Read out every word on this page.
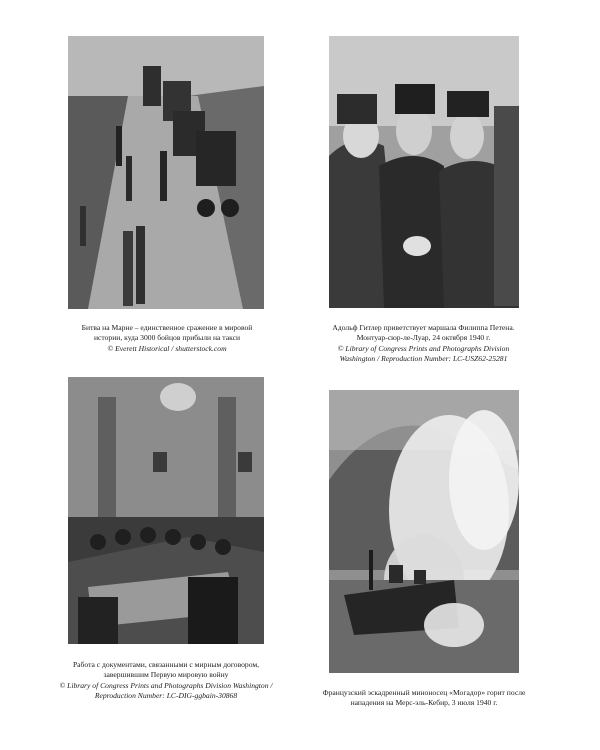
Битва на Марне – единственное сражение в мировой истории, куда 3000 бойцов прибыли на такси
© Everett Historical / shutterstock.com
Адольф Гитлер приветствует маршала Филиппа Петена. Монтуар-сюр-ле-Луар, 24 октября 1940 г.
© Library of Congress Prints and Photographs Division Washington / Reproduction Number: LC-USZ62-25281
Работа с документами, связанными с мирным договором, завершившим Первую мировую войну
© Library of Congress Prints and Photographs Division Washington / Reproduction Number: LC-DIG-ggbain-30868	Французский эскадренный миноносец «Могадор» горит после нападения на Мерс-эль-Кебир, 3 июля 1940 г.
